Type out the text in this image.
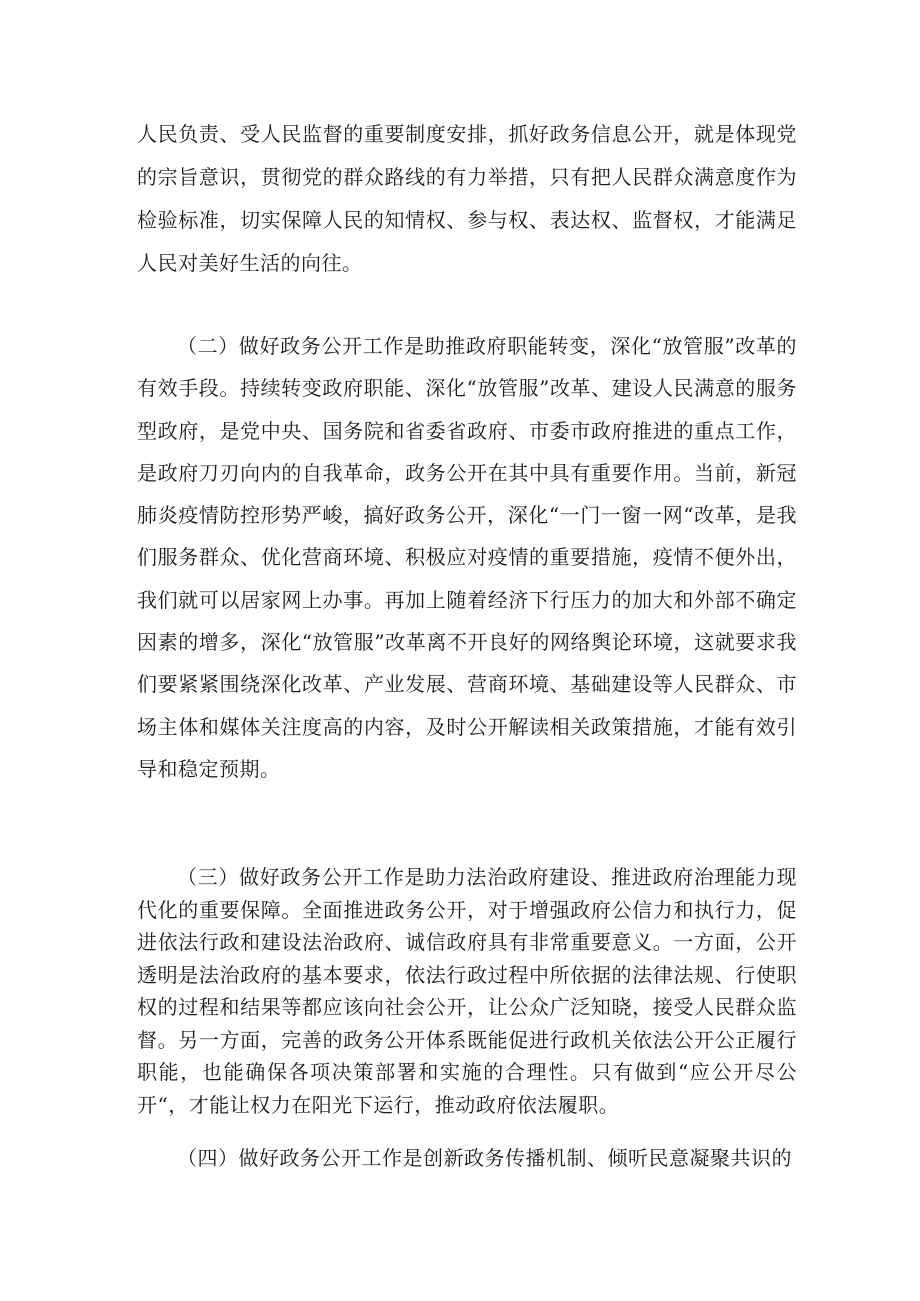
人民负责、受人民监督的重要制度安排，抓好政务信息公开，就是体现党的宗旨意识，贯彻党的群众路线的有力举措，只有把人民群众满意度作为检验标准，切实保障人民的知情权、参与权、表达权、监督权，才能满足人民对美好生活的向往。

（二）做好政务公开工作是助推政府职能转变，深化“放管服”改革的有效手段。持续转变政府职能、深化“放管服”改革、建设人民满意的服务型政府，是党中央、国务院和省委省政府、市委市政府推进的重点工作，是政府刀刃向内的自我革命，政务公开在其中具有重要作用。当前，新冠肺炎疫情防控形势严峻，搞好政务公开，深化“一门一窗一网“改革，是我们服务群众、优化营商环境、积极应对疫情的重要措施，疫情不便外出，我们就可以居家网上办事。再加上随着经济下行压力的加大和外部不确定因素的增多，深化“放管服”改革离不开良好的网络舆论环境，这就要求我们要紧紧围绕深化改革、产业发展、营商环境、基础建设等人民群众、市场主体和媒体关注度高的内容，及时公开解读相关政策措施，才能有效引导和稳定预期。

（三）做好政务公开工作是助力法治政府建设、推进政府治理能力现代化的重要保障。全面推进政务公开，对于增强政府公信力和执行力，促进依法行政和建设法治政府、诚信政府具有非常重要意义。一方面，公开透明是法治政府的基本要求，依法行政过程中所依据的法律法规、行使职权的过程和结果等都应该向社会公开，让公众广泛知晓，接受人民群众监督。另一方面，完善的政务公开体系既能促进行政机关依法公开公正履行职能，也能确保各项决策部署和实施的合理性。只有做到“应公开尽公开“，才能让权力在阳光下运行，推动政府依法履职。

（四）做好政务公开工作是创新政务传播机制、倾听民意凝聚共识的
